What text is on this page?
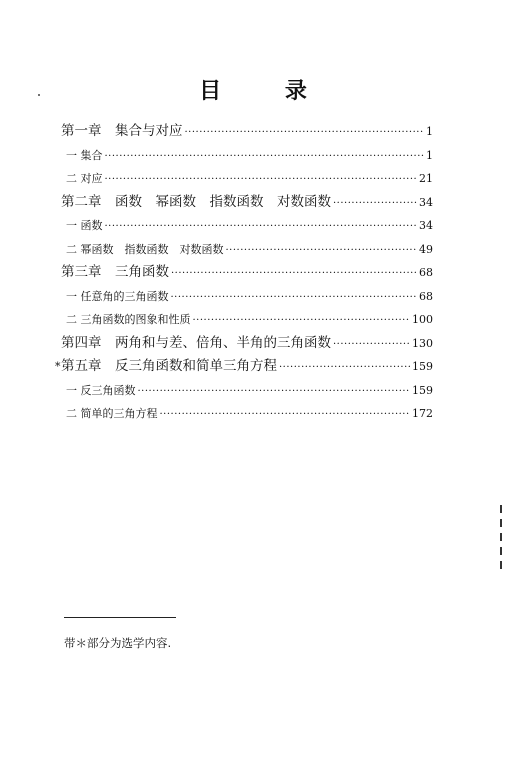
目 录
第一章　集合与对应 ·····	1
一 集合 ·····	1
二 对应 ·····	21
第二章　函数　幂函数　指数函数　对数函数 ·····	34
一 函数 ·····	34
二 幂函数　指数函数　对数函数 ·····	49
第三章　三角函数 ·····	68
一 任意角的三角函数 ·····	68
二 三角函数的图象和性质 ·····	100
第四章　两角和与差、倍角、半角的三角函数 ·····	130
* 第五章　反三角函数和简单三角方程 ·····	159
一 反三角函数 ·····	159
二 简单的三角方程 ·····	172
带＊部分为选学内容.
